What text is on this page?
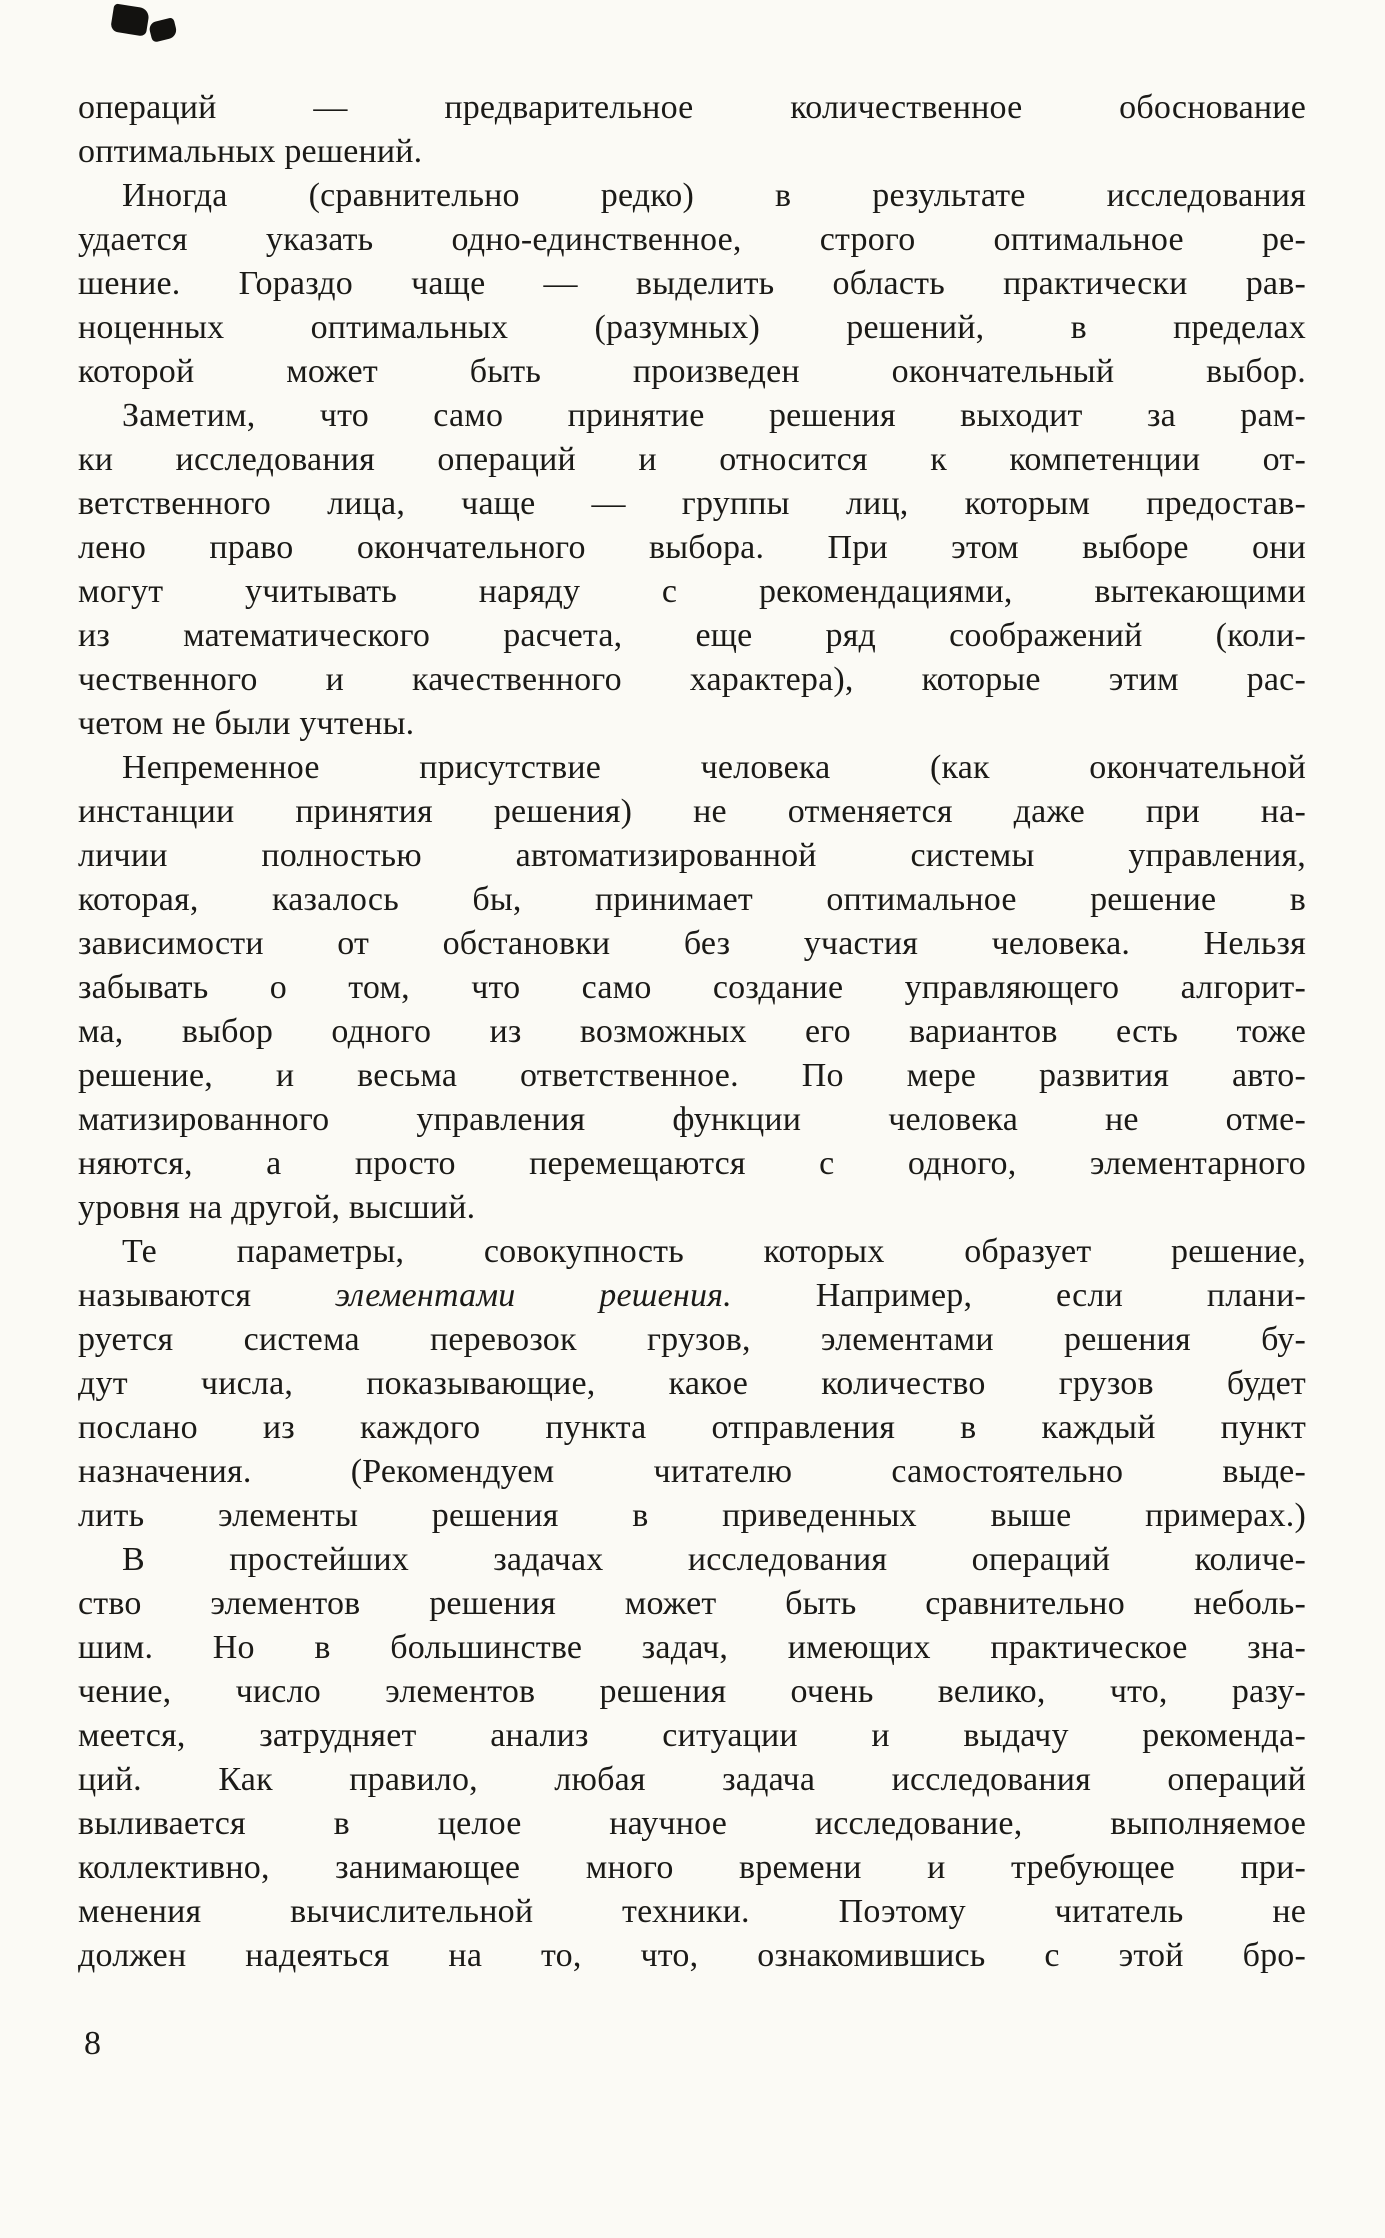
операций — предварительное количественное обоснование
оптимальных решений.

Иногда (сравнительно редко) в результате исследования
удается указать одно-единственное, строго оптимальное ре-
шение. Гораздо чаще — выделить область практически рав-
ноценных оптимальных (разумных) решений, в пределах
которой может быть произведен окончательный выбор.

Заметим, что само принятие решения выходит за рам-
ки исследования операций и относится к компетенции от-
ветственного лица, чаще — группы лиц, которым предостав-
лено право окончательного выбора. При этом выборе они
могут учитывать наряду с рекомендациями, вытекающими
из математического расчета, еще ряд соображений (коли-
чественного и качественного характера), которые этим рас-
четом не были учтены.

Непременное присутствие человека (как окончательной
инстанции принятия решения) не отменяется даже при на-
личии полностью автоматизированной системы управления,
которая, казалось бы, принимает оптимальное решение в
зависимости от обстановки без участия человека. Нельзя
забывать о том, что само создание управляющего алгорит-
ма, выбор одного из возможных его вариантов есть тоже
решение, и весьма ответственное. По мере развития авто-
матизированного управления функции человека не отме-
няются, а просто перемещаются с одного, элементарного
уровня на другой, высший.

Те параметры, совокупность которых образует решение,
называются элементами решения. Например, если плани-
руется система перевозок грузов, элементами решения бу-
дут числа, показывающие, какое количество грузов будет
послано из каждого пункта отправления в каждый пункт
назначения. (Рекомендуем читателю самостоятельно выде-
лить элементы решения в приведенных выше примерах.)

В простейших задачах исследования операций количе-
ство элементов решения может быть сравнительно неболь-
шим. Но в большинстве задач, имеющих практическое зна-
чение, число элементов решения очень велико, что, разу-
меется, затрудняет анализ ситуации и выдачу рекоменда-
ций. Как правило, любая задача исследования операций
выливается в целое научное исследование, выполняемое
коллективно, занимающее много времени и требующее при-
менения вычислительной техники. Поэтому читатель не
должен надеяться на то, что, ознакомившись с этой бро-

8
